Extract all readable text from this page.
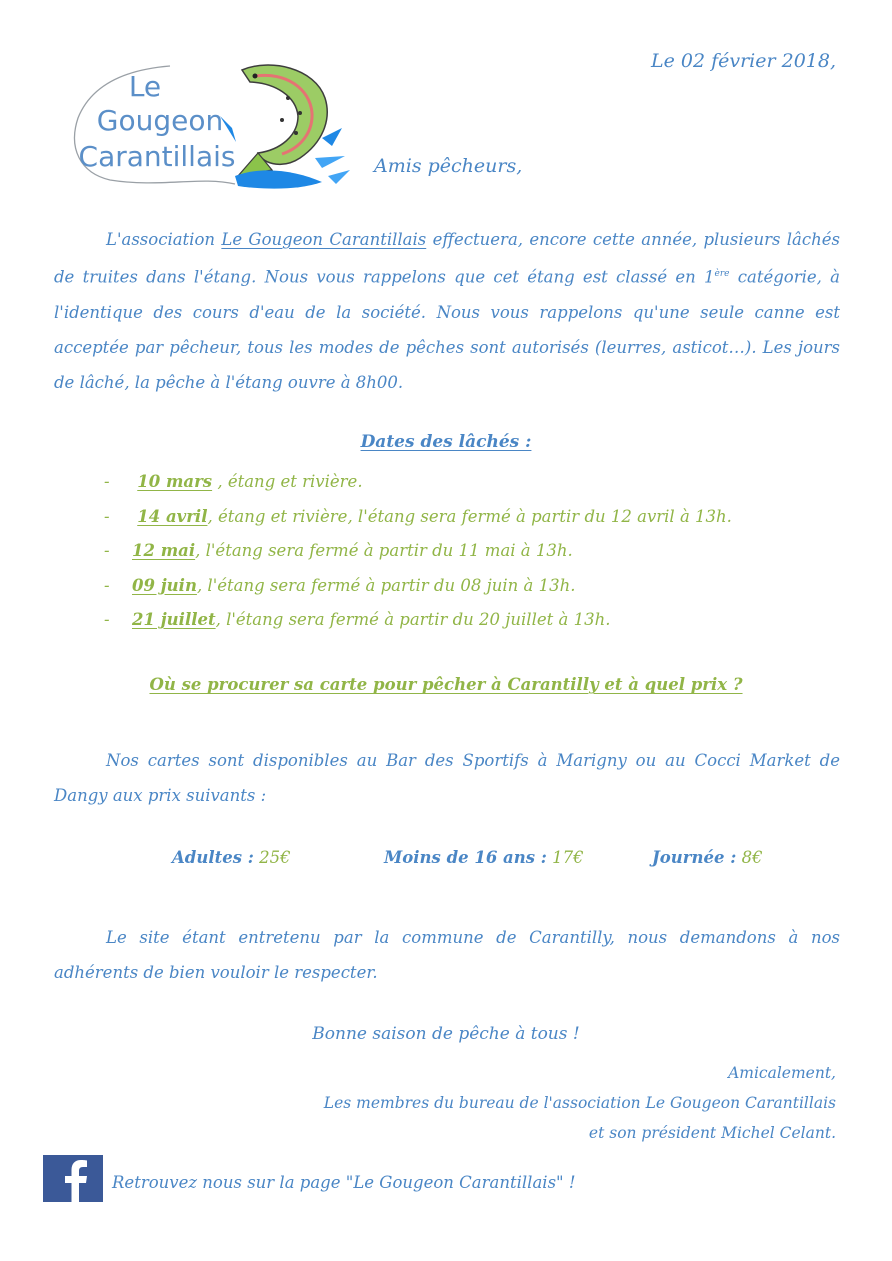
Le
Gougeon
Carantillais
Le 02 février 2018,
Amis pêcheurs,
L'association Le Gougeon Carantillais effectuera, encore cette année, plusieurs lâchés de truites dans l'étang. Nous vous rappelons que cet étang est classé en 1ère catégorie, à l'identique des cours d'eau de la société. Nous vous rappelons qu'une seule canne est acceptée par pêcheur, tous les modes de pêches sont autorisés (leurres, asticot…). Les jours de lâché, la pêche à l'étang ouvre à 8h00.
Dates des lâchés :
- 10 mars , étang et rivière.
- 14 avril, étang et rivière, l'étang sera fermé à partir du 12 avril à 13h.
- 12 mai, l'étang sera fermé à partir du 11 mai à 13h.
- 09 juin, l'étang sera fermé à partir du 08 juin à 13h.
- 21 juillet, l'étang sera fermé à partir du 20 juillet à 13h.
Où se procurer sa carte pour pêcher à Carantilly et à quel prix ?
Nos cartes sont disponibles au Bar des Sportifs à Marigny ou au Cocci Market de Dangy aux prix suivants :
Adultes : 25€	Moins de 16 ans : 17€	Journée : 8€
Le site étant entretenu par la commune de Carantilly, nous demandons à nos adhérents de bien vouloir le respecter.
Bonne saison de pêche à tous !
Amicalement,
Les membres du bureau de l'association Le Gougeon Carantillais
et son président Michel Celant.
Retrouvez nous sur la page "Le Gougeon Carantillais" !
